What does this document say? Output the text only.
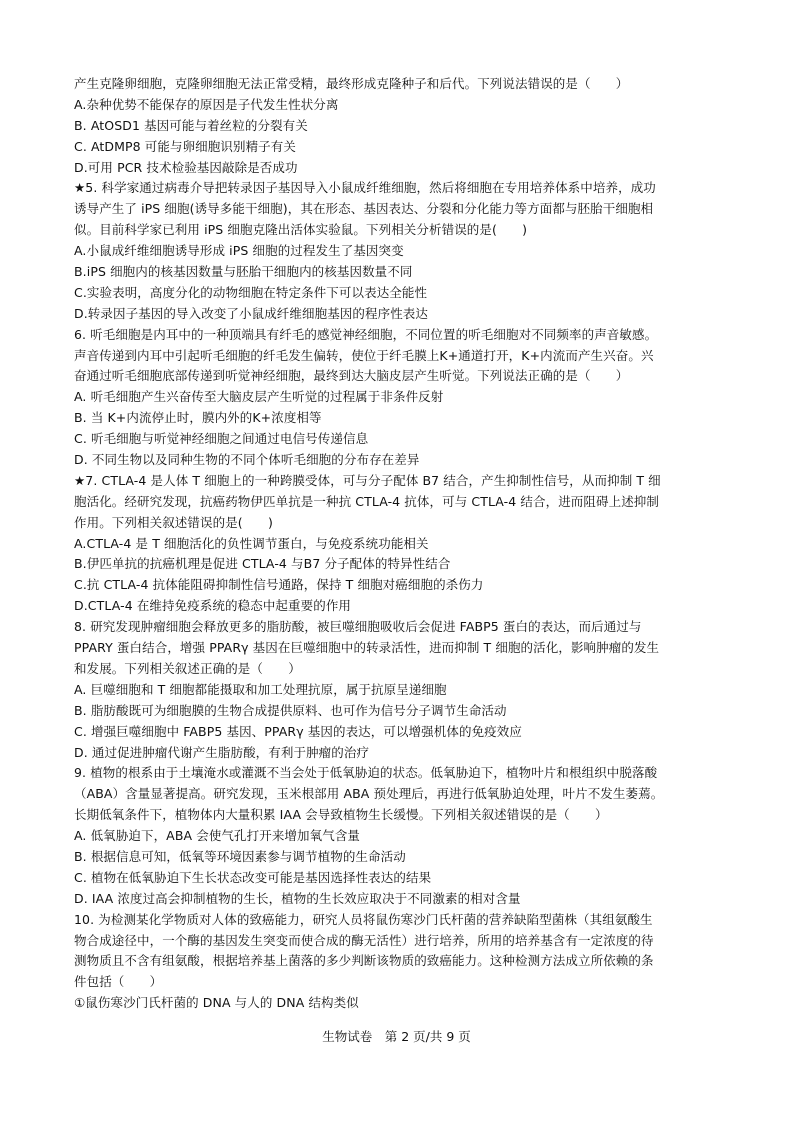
产生克隆卵细胞，克隆卵细胞无法正常受精，最终形成克隆种子和后代。下列说法错误的是（　　）
A.杂种优势不能保存的原因是子代发生性状分离
B. AtOSD1 基因可能与着丝粒的分裂有关
C. AtDMP8 可能与卵细胞识别精子有关
D.可用 PCR 技术检验基因敲除是否成功
★5. 科学家通过病毒介导把转录因子基因导入小鼠成纤维细胞，然后将细胞在专用培养体系中培养，成功
诱导产生了 iPS 细胞(诱导多能干细胞)，其在形态、基因表达、分裂和分化能力等方面都与胚胎干细胞相
似。目前科学家已利用 iPS 细胞克隆出活体实验鼠。下列相关分析错误的是(　　)
A.小鼠成纤维细胞诱导形成 iPS 细胞的过程发生了基因突变
B.iPS 细胞内的核基因数量与胚胎干细胞内的核基因数量不同
C.实验表明，高度分化的动物细胞在特定条件下可以表达全能性
D.转录因子基因的导入改变了小鼠成纤维细胞基因的程序性表达
6. 听毛细胞是内耳中的一种顶端具有纤毛的感觉神经细胞，不同位置的听毛细胞对不同频率的声音敏感。
声音传递到内耳中引起听毛细胞的纤毛发生偏转，使位于纤毛膜上K+通道打开，K+内流而产生兴奋。兴
奋通过听毛细胞底部传递到听觉神经细胞，最终到达大脑皮层产生听觉。下列说法正确的是（　　）
A. 听毛细胞产生兴奋传至大脑皮层产生听觉的过程属于非条件反射
B. 当 K+内流停止时，膜内外的K+浓度相等
C. 听毛细胞与听觉神经细胞之间通过电信号传递信息
D. 不同生物以及同种生物的不同个体听毛细胞的分布存在差异
★7. CTLA-4 是人体 T 细胞上的一种跨膜受体，可与分子配体 B7 结合，产生抑制性信号，从而抑制 T 细
胞活化。经研究发现，抗癌药物伊匹单抗是一种抗 CTLA-4 抗体，可与 CTLA-4 结合，进而阻碍上述抑制
作用。下列相关叙述错误的是(　　)
A.CTLA-4 是 T 细胞活化的负性调节蛋白，与免疫系统功能相关
B.伊匹单抗的抗癌机理是促进 CTLA-4 与B7 分子配体的特异性结合
C.抗 CTLA-4 抗体能阻碍抑制性信号通路，保持 T 细胞对癌细胞的杀伤力
D.CTLA-4 在维持免疫系统的稳态中起重要的作用
8. 研究发现肿瘤细胞会释放更多的脂肪酸，被巨噬细胞吸收后会促进 FABP5 蛋白的表达，而后通过与
PPARY 蛋白结合，增强 PPARγ 基因在巨噬细胞中的转录活性，进而抑制 T 细胞的活化，影响肿瘤的发生
和发展。下列相关叙述正确的是（　　）
A. 巨噬细胞和 T 细胞都能摄取和加工处理抗原，属于抗原呈递细胞
B. 脂肪酸既可为细胞膜的生物合成提供原料、也可作为信号分子调节生命活动
C. 增强巨噬细胞中 FABP5 基因、PPARγ 基因的表达，可以增强机体的免疫效应
D. 通过促进肿瘤代谢产生脂肪酸，有利于肿瘤的治疗
9. 植物的根系由于土壤淹水或灌溉不当会处于低氧胁迫的状态。低氧胁迫下，植物叶片和根组织中脱落酸
（ABA）含量显著提高。研究发现，玉米根部用 ABA 预处理后，再进行低氧胁迫处理，叶片不发生萎蔫。
长期低氧条件下，植物体内大量积累 IAA 会导致植物生长缓慢。下列相关叙述错误的是（　　）
A. 低氧胁迫下，ABA 会使气孔打开来增加氧气含量
B. 根据信息可知，低氧等环境因素参与调节植物的生命活动
C. 植物在低氧胁迫下生长状态改变可能是基因选择性表达的结果
D. IAA 浓度过高会抑制植物的生长，植物的生长效应取决于不同激素的相对含量
10. 为检测某化学物质对人体的致癌能力，研究人员将鼠伤寒沙门氏杆菌的营养缺陷型菌株（其组氨酸生
物合成途径中，一个酶的基因发生突变而使合成的酶无活性）进行培养，所用的培养基含有一定浓度的待
测物质且不含有组氨酸，根据培养基上菌落的多少判断该物质的致癌能力。这种检测方法成立所依赖的条
件包括（　　）
①鼠伤寒沙门氏杆菌的 DNA 与人的 DNA 结构类似
生物试卷　第 2 页/共 9 页
